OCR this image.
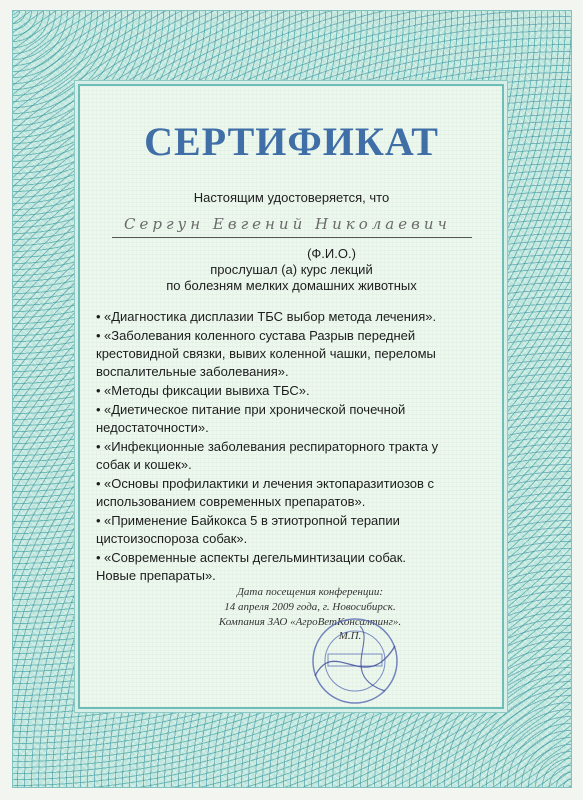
СЕРТИФИКАТ
Настоящим удостоверяется, что
Сергун Евгений Николаевич
(Ф.И.О.)
прослушал (а) курс лекций
по болезням мелких домашних животных
• «Диагностика дисплазии ТБС выбор метода лечения».
• «Заболевания коленного сустава Разрыв передней
крестовидной связки, вывих коленной чашки, переломы
воспалительные заболевания».
• «Методы фиксации вывиха ТБС».
• «Диетическое питание при хронической почечной
недостаточности».
• «Инфекционные заболевания респираторного тракта у
собак и кошек».
• «Основы профилактики и лечения эктопаразитиозов с
использованием современных препаратов».
• «Применение Байкокса 5 в этиотропной терапии
цистоизоспороза собак».
• «Современные аспекты дегельминтизации собак.
Новые препараты».
Дата посещения конференции:
14 апреля 2009 года, г. Новосибирск.
Компания ЗАО «АгроВетКонсалтинг».
М.П.
